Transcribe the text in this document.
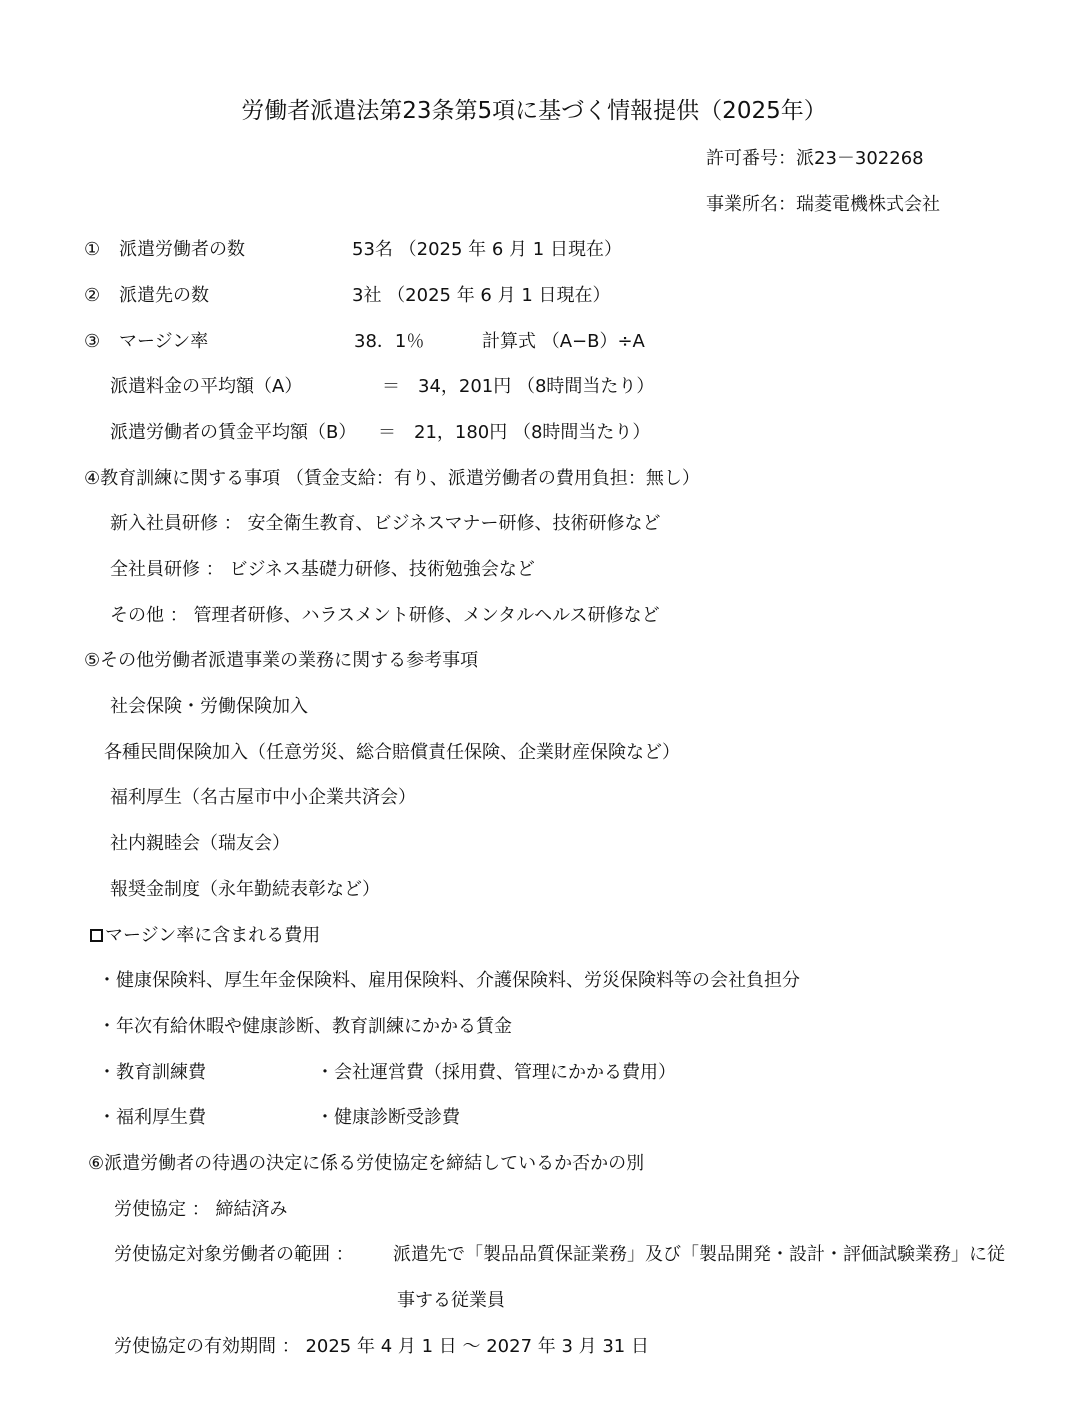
労働者派遣法第23条第5項に基づく情報提供（2025年）
許可番号：派23－302268
事業所名：瑞菱電機株式会社
① 派遣労働者の数	53名 （2025 年 6 月 1 日現在）
② 派遣先の数	3社 （2025 年 6 月 1 日現在）
③ マージン率	38．1％	計算式 （A−B）÷A
派遣料金の平均額（A）	＝　34，201円 （8時間当たり）
派遣労働者の賃金平均額（B） ＝　21，180円 （8時間当たり）
④教育訓練に関する事項 （賃金支給：有り、派遣労働者の費用負担：無し）
新入社員研修 ： 安全衛生教育、ビジネスマナー研修、技術研修など
全社員研修 ： ビジネス基礎力研修、技術勉強会など
その他 ： 管理者研修、ハラスメント研修、メンタルヘルス研修など
⑤その他労働者派遣事業の業務に関する参考事項
社会保険・労働保険加入
各種民間保険加入（任意労災、総合賠償責任保険、企業財産保険など）
福利厚生（名古屋市中小企業共済会）
社内親睦会（瑞友会）
報奨金制度（永年勤続表彰など）
マージン率に含まれる費用
・健康保険料、厚生年金保険料、雇用保険料、介護保険料、労災保険料等の会社負担分
・年次有給休暇や健康診断、教育訓練にかかる賃金
・教育訓練費	・会社運営費（採用費、管理にかかる費用）
・福利厚生費	・健康診断受診費
⑥派遣労働者の待遇の決定に係る労使協定を締結しているか否かの別
労使協定 ： 締結済み
労使協定対象労働者の範囲 ： 派遣先で「製品品質保証業務」及び「製品開発・設計・評価試験業務」に従
事する従業員
労使協定の有効期間 ： 2025 年 4 月 1 日 〜 2027 年 3 月 31 日
